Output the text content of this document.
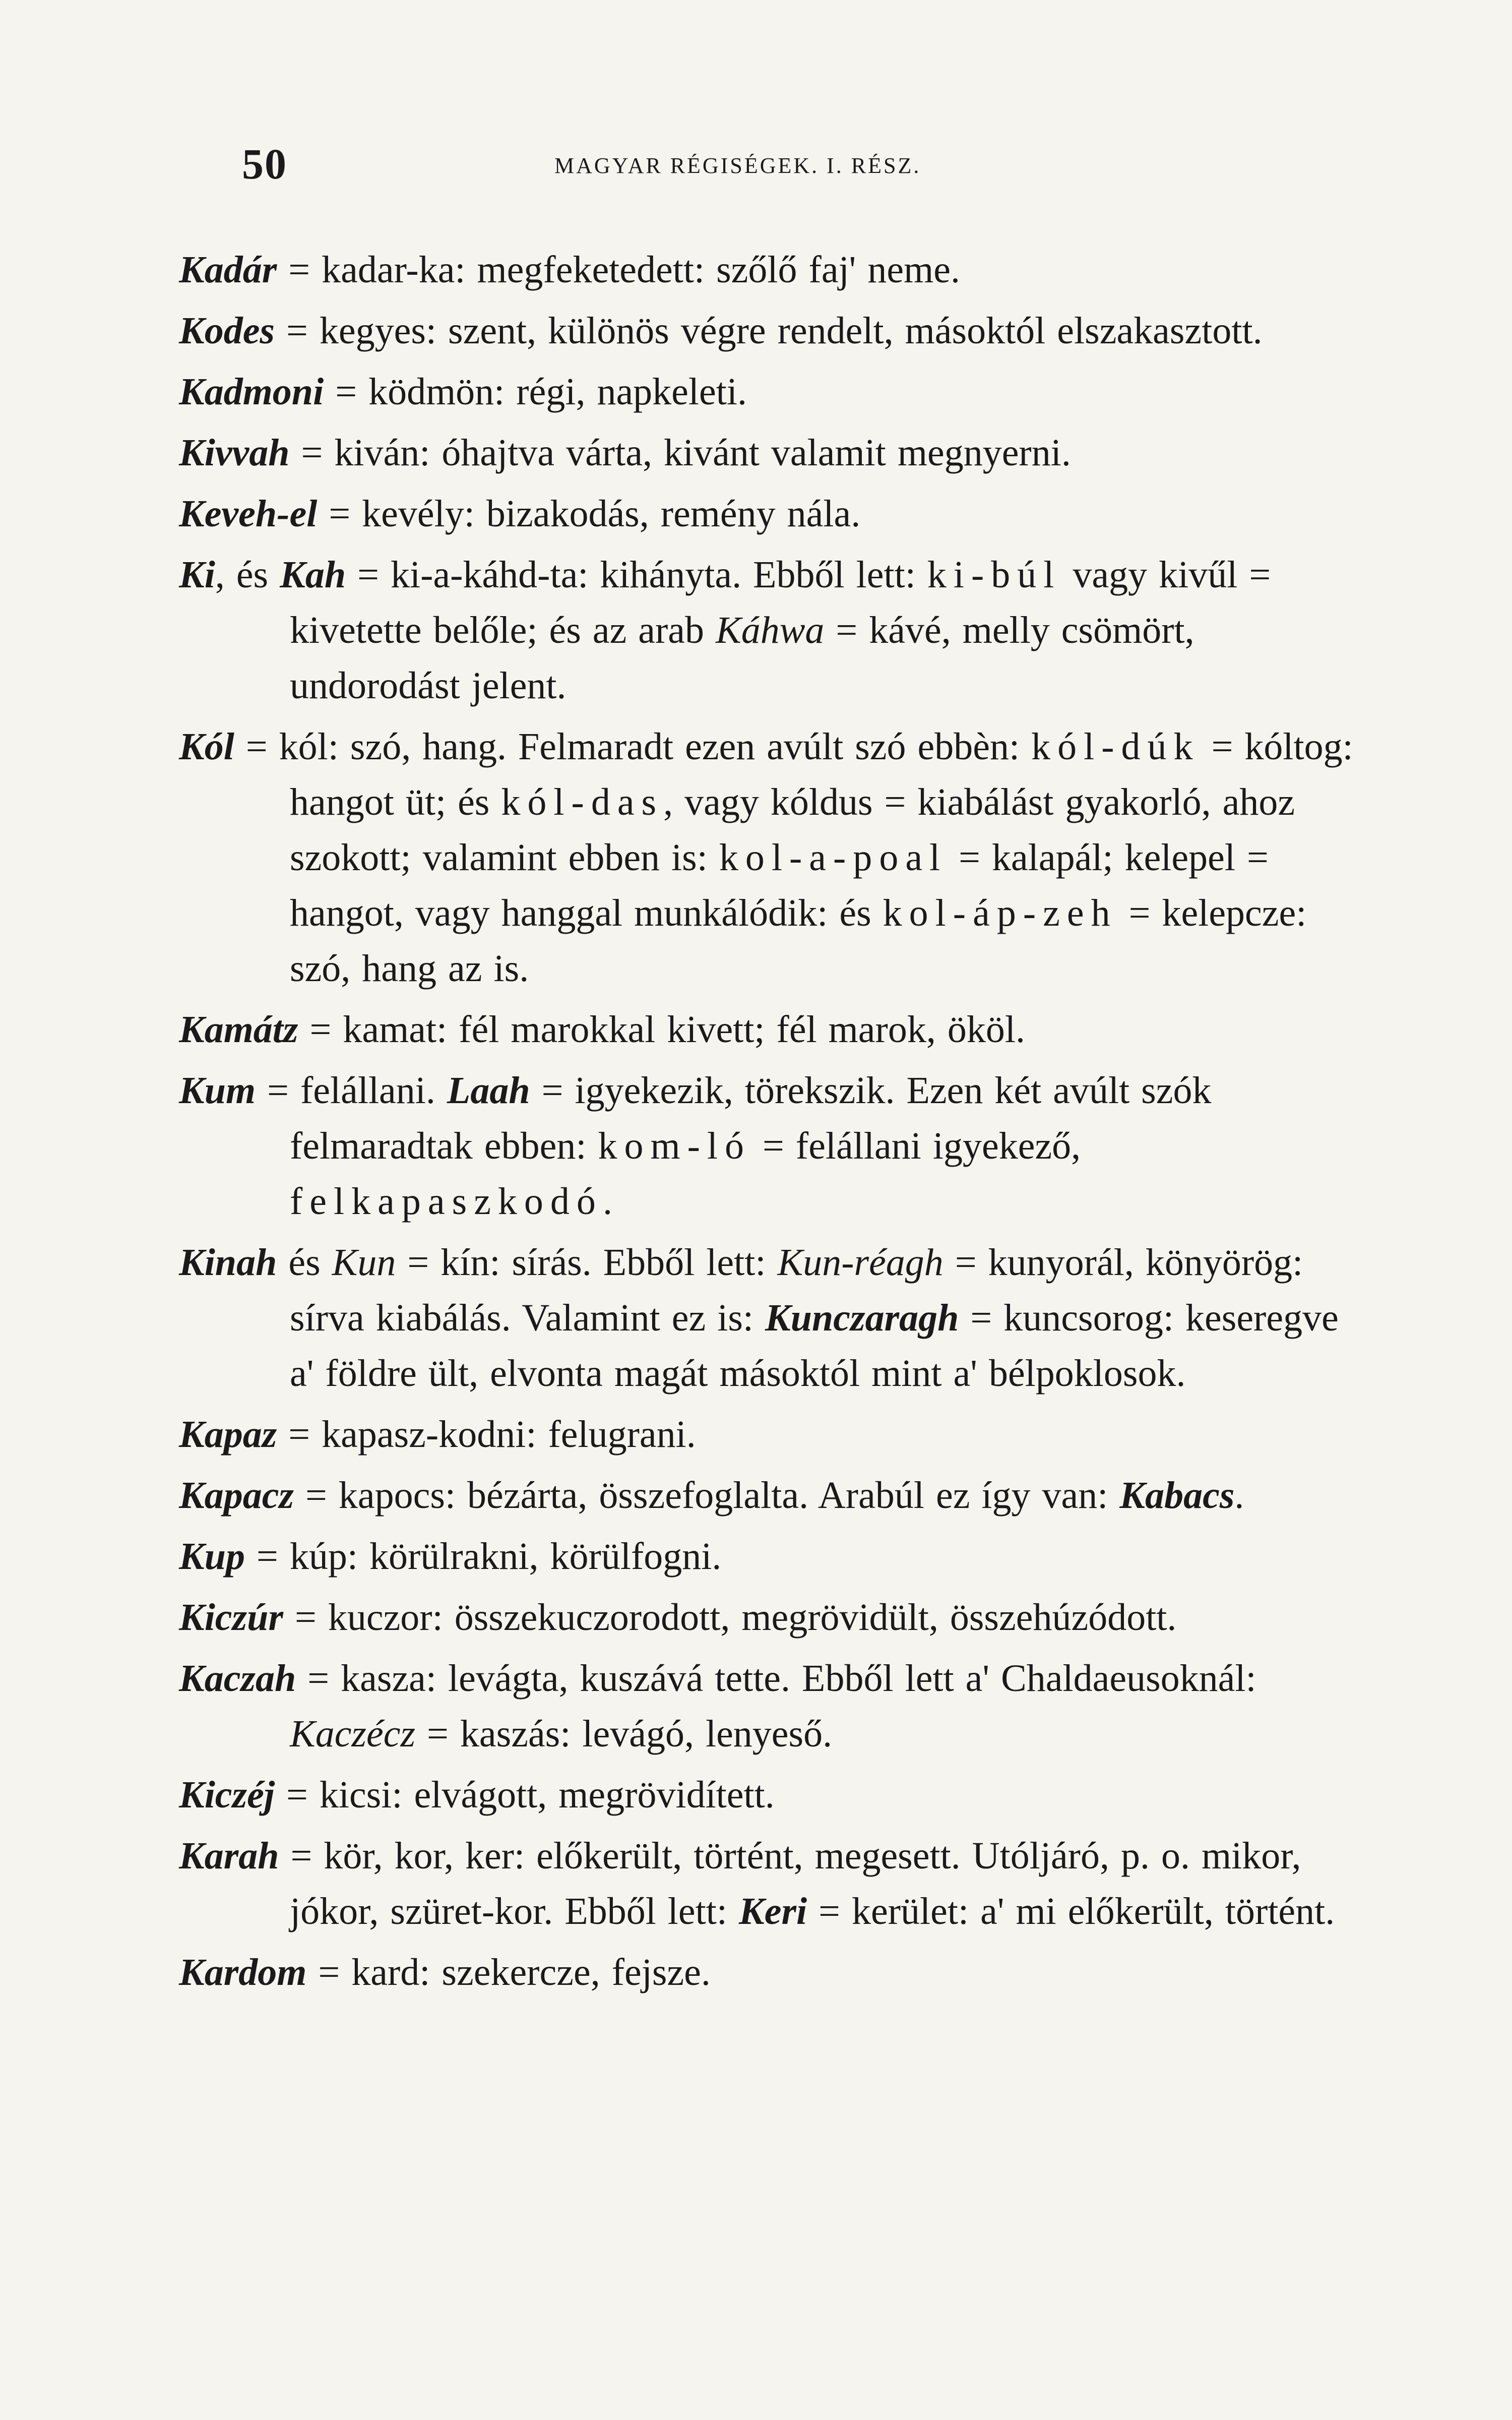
50	MAGYAR RÉGISÉGEK. I. RÉSZ.

Kadár = kadar-ka: megfeketedett: szőlő faj' neme.

Kodes = kegyes: szent, különös végre rendelt, másoktól elszakasztott.

Kadmoni = ködmön: régi, napkeleti.

Kivvah = kiván: óhajtva várta, kivánt valamit megnyerni.

Keveh-el = kevély: bizakodás, remény nála.

Ki, és Kah = ki-a-káhd-ta: kihányta. Ebből lett: ki-búl vagy kivűl = kivetette belőle; és az arab Káhwa = kávé, melly csömört, undorodást jelent.

Kól = kól: szó, hang. Felmaradt ezen avúlt szó ebbèn: kól-dúk = kóltog: hangot üt; és kól-das, vagy kóldus = kiabálást gyakorló, ahoz szokott; valamint ebben is: kol-a-poal = kalapál; kelepel = hangot, vagy hanggal munkálódik: és kol-áp-zeh = kelepcze: szó, hang az is.

Kamátz = kamat: fél marokkal kivett; fél marok, ököl.

Kum = felállani. Laah = igyekezik, törekszik. Ezen két avúlt szók felmaradtak ebben: kom-ló = felállani igyekező, felkapaszkodó.

Kinah és Kun = kín: sírás. Ebből lett: Kun-réagh = kunyorál, könyörög: sírva kiabálás. Valamint ez is: Kunczaragh = kuncsorog: keseregve a' földre ült, elvonta magát másoktól mint a' bélpoklosok.

Kapaz = kapasz-kodni: felugrani.

Kapacz = kapocs: bézárta, összefoglalta. Arabúl ez így van: Kabacs.

Kup = kúp: körülrakni, körülfogni.

Kiczúr = kuczor: összekuczorodott, megrövidült, összehúzódott.

Kaczah = kasza: levágta, kuszává tette. Ebből lett a' Chaldaeusoknál: Kaczécz = kaszás: levágó, lenyeső.

Kiczéj = kicsi: elvágott, megrövidített.

Karah = kör, kor, ker: előkerült, történt, megesett. Utóljáró, p. o. mikor, jókor, szüret-kor. Ebből lett: Keri = kerület: a' mi előkerült, történt.

Kardom = kard: szekercze, fejsze.
